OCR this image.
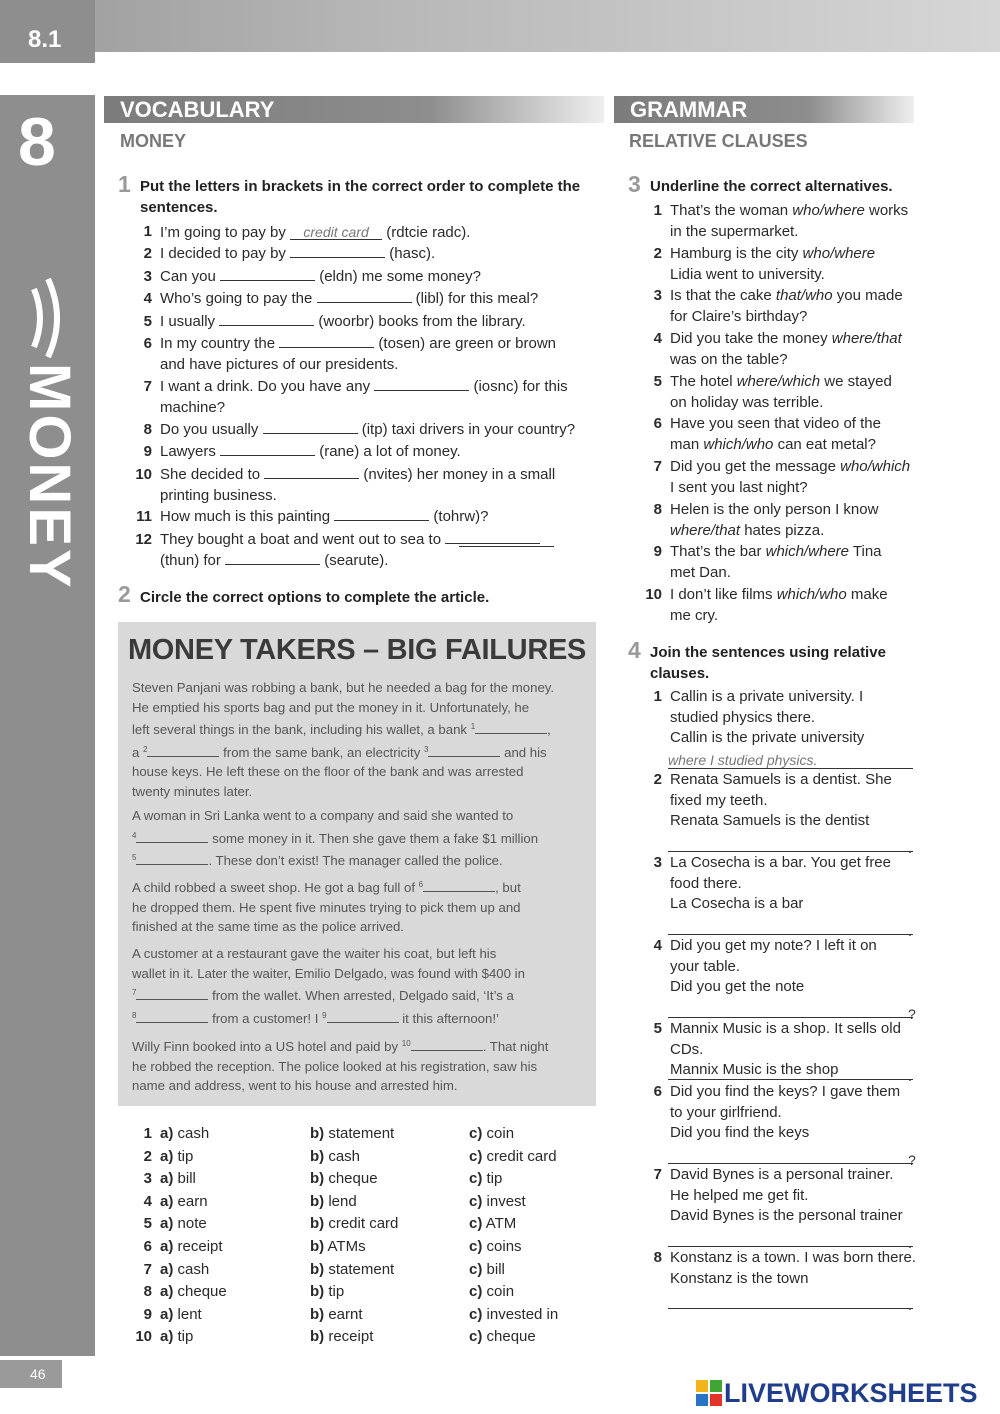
8.1
8
MONEY
46
VOCABULARY
MONEY
1 Put the letters in brackets in the correct order to complete the sentences.
1 I’m going to pay by credit card (rdtcie radc).
2 I decided to pay by	(hasc).
3 Can you	(eldn) me some money?
4 Who’s going to pay the	(libl) for this meal?
5 I usually	(woorbr) books from the library.
6 In my country the	(tosen) are green or brown
and have pictures of our presidents.
7 I want a drink. Do you have any	(iosnc) for this
machine?
8 Do you usually	(itp) taxi drivers in your country?
9 Lawyers	(rane) a lot of money.
10 She decided to	(nvites) her money in a small
printing business.
11 How much is this painting	(tohrw)?
12 They bought a boat and went out to sea to
(thun) for	(searute).
2 Circle the correct options to complete the article.
MONEY TAKERS – BIG FAILURES
Steven Panjani was robbing a bank, but he needed a bag for the money.
He emptied his sports bag and put the money in it. Unfortunately, he
left several things in the bank, including his wallet, a bank $^1$	,
a $^2$	from the same bank, an electricity $^3$	and his
house keys. He left these on the floor of the bank and was arrested
twenty minutes later.
A woman in Sri Lanka went to a company and said she wanted to
$^4$	some money in it. Then she gave them a fake $1 million
$^5$	. These don’t exist! The manager called the police.
A child robbed a sweet shop. He got a bag full of $^6$	, but
he dropped them. He spent five minutes trying to pick them up and
finished at the same time as the police arrived.
A customer at a restaurant gave the waiter his coat, but left his
wallet in it. Later the waiter, Emilio Delgado, was found with $400 in
$^7$	from the wallet. When arrested, Delgado said, ‘It’s a
$^8$	from a customer! I $^9$	it this afternoon!’
Willy Finn booked into a US hotel and paid by $^{10}$	. That night
he robbed the reception. The police looked at his registration, saw his
name and address, went to his house and arrested him.
1 a) cash	b) statement	c) coin
2 a) tip	b) cash	c) credit card
3 a) bill	b) cheque	c) tip
4 a) earn	b) lend	c) invest
5 a) note	b) credit card	c) ATM
6 a) receipt	b) ATMs	c) coins
7 a) cash	b) statement	c) bill
8 a) cheque	b) tip	c) coin
9 a) lent	b) earnt	c) invested in
10 a) tip	b) receipt	c) cheque
GRAMMAR
RELATIVE CLAUSES
3 Underline the correct alternatives.
1 That’s the woman who/where works
in the supermarket.
2 Hamburg is the city who/where
Lidia went to university.
3 Is that the cake that/who you made
for Claire’s birthday?
4 Did you take the money where/that
was on the table?
5 The hotel where/which we stayed
on holiday was terrible.
6 Have you seen that video of the
man which/who can eat metal?
7 Did you get the message who/which
I sent you last night?
8 Helen is the only person I know
where/that hates pizza.
9 That’s the bar which/where Tina
met Dan.
10 I don’t like films which/who make
me cry.
4 Join the sentences using relative clauses.
1 Callin is a private university. I
studied physics there.
Callin is the private university
where I studied physics.
2 Renata Samuels is a dentist. She
fixed my teeth.
Renata Samuels is the dentist
.
3 La Cosecha is a bar. You get free
food there.
La Cosecha is a bar
.
4 Did you get my note? I left it on
your table.
Did you get the note
?
5 Mannix Music is a shop. It sells old CDs.
Mannix Music is the shop	.
6 Did you find the keys? I gave them
to your girlfriend.
Did you find the keys
?
7 David Bynes is a personal trainer.
He helped me get fit.
David Bynes is the personal trainer
.
8 Konstanz is a town. I was born there.
Konstanz is the town
.
LIVEWORKSHEETS
